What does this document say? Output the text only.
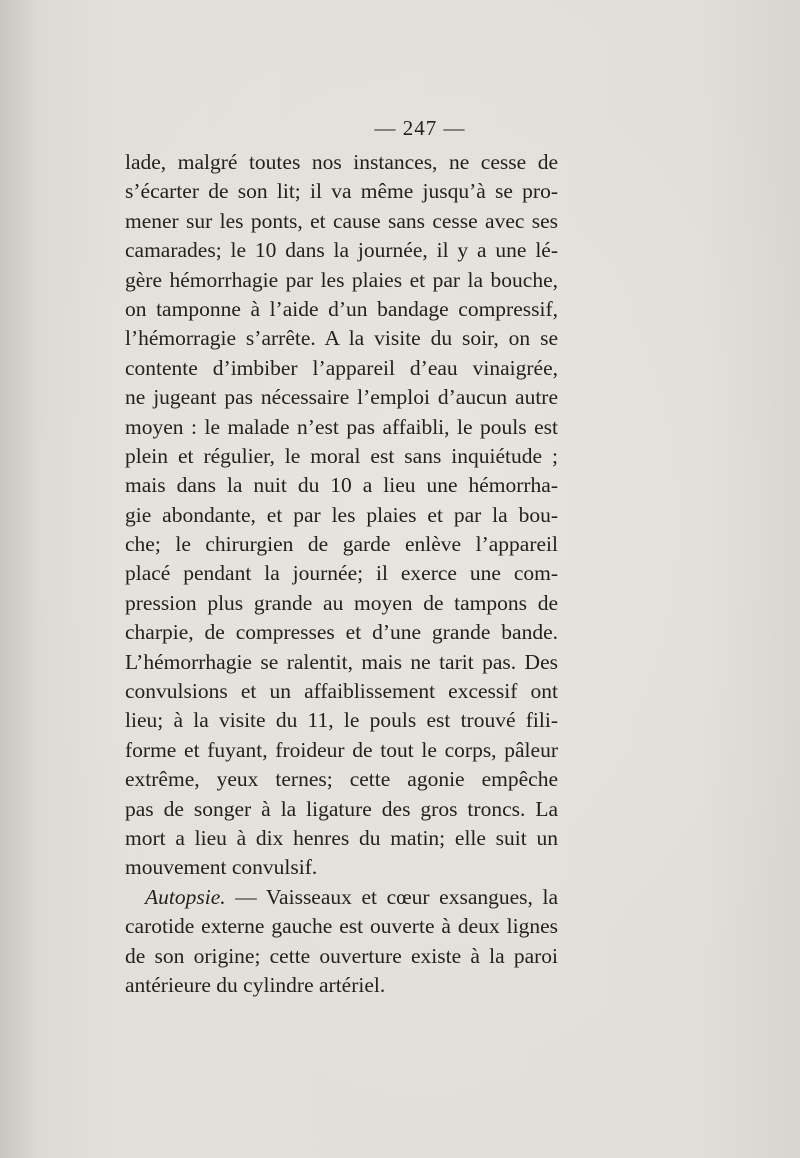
— 247 —
lade, malgré toutes nos instances, ne cesse de
s’écarter de son lit; il va même jusqu’à se pro-
mener sur les ponts, et cause sans cesse avec ses
camarades; le 10 dans la journée, il y a une lé-
gère hémorrhagie par les plaies et par la bouche,
on tamponne à l’aide d’un bandage compressif,
l’hémorragie s’arrête. A la visite du soir, on se
contente d’imbiber l’appareil d’eau vinaigrée,
ne jugeant pas nécessaire l’emploi d’aucun autre
moyen : le malade n’est pas affaibli, le pouls est
plein et régulier, le moral est sans inquiétude ;
mais dans la nuit du 10 a lieu une hémorrha-
gie abondante, et par les plaies et par la bou-
che; le chirurgien de garde enlève l’appareil
placé pendant la journée; il exerce une com-
pression plus grande au moyen de tampons de
charpie, de compresses et d’une grande bande.
L’hémorrhagie se ralentit, mais ne tarit pas. Des
convulsions et un affaiblissement excessif ont
lieu; à la visite du 11, le pouls est trouvé fili-
forme et fuyant, froideur de tout le corps, pâleur
extrême, yeux ternes; cette agonie empêche
pas de songer à la ligature des gros troncs. La
mort a lieu à dix henres du matin; elle suit un
mouvement convulsif.
Autopsie. — Vaisseaux et cœur exsangues, la
carotide externe gauche est ouverte à deux lignes
de son origine; cette ouverture existe à la paroi
antérieure du cylindre artériel.
